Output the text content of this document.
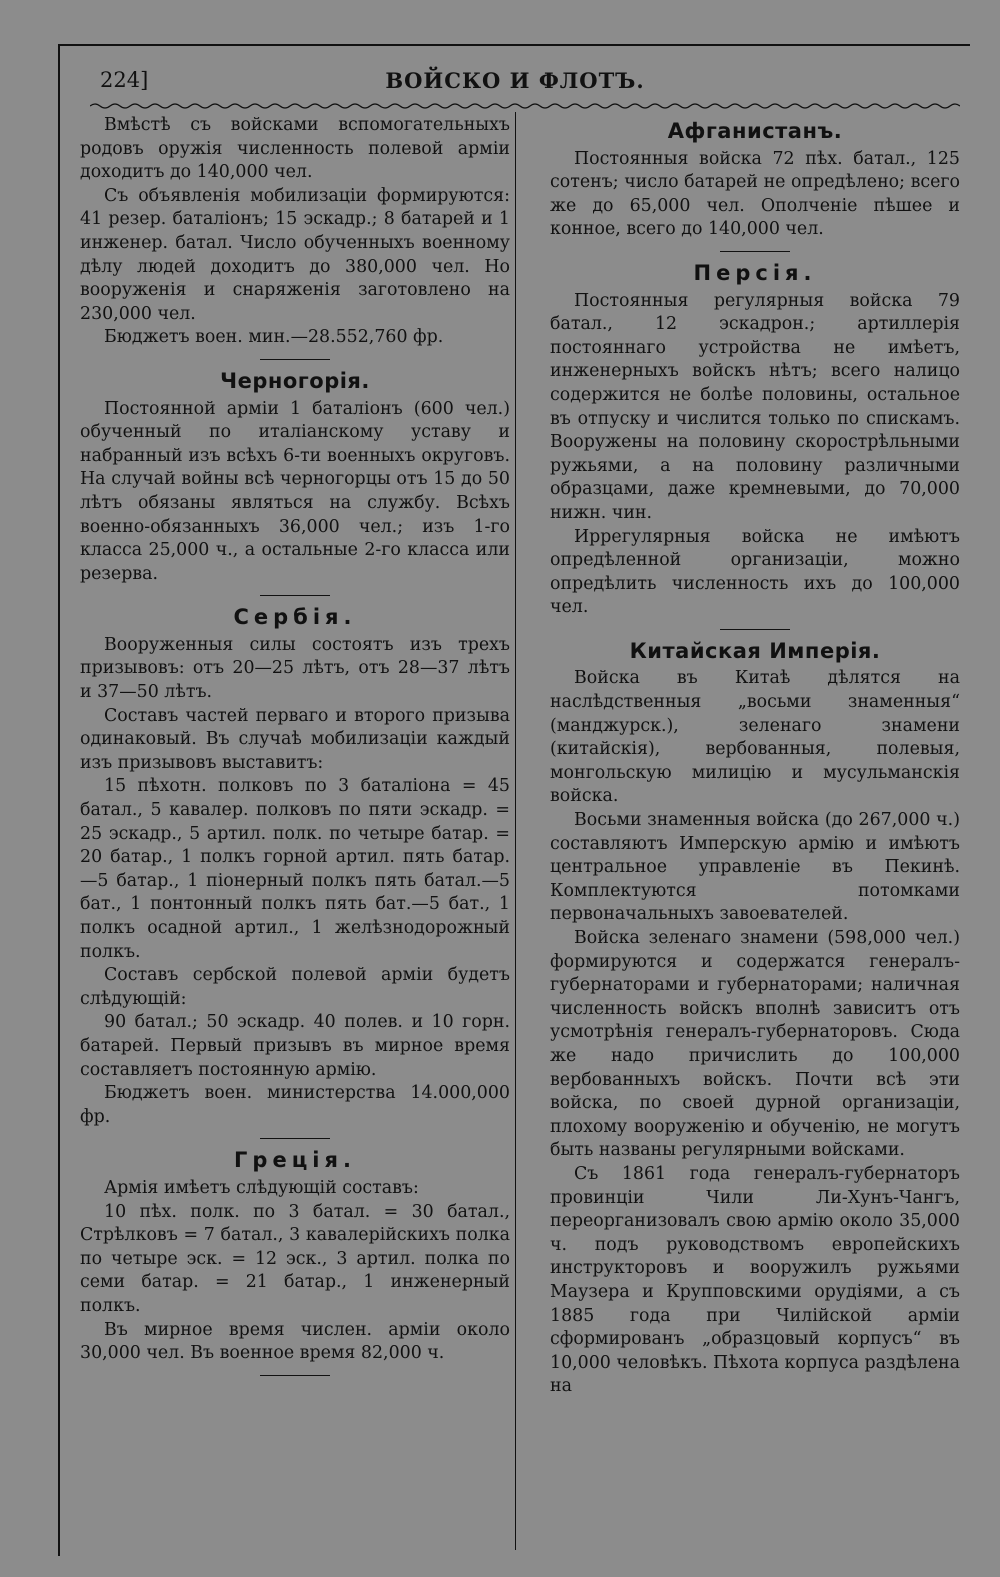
224]	ВОЙСКО И ФЛОТЪ.

Вмѣстѣ съ войсками вспомогательныхъ родовъ оружія численность полевой арміи доходитъ до 140,000 чел.

Съ объявленія мобилизаціи формируются: 41 резер. баталіонъ; 15 эскадр.; 8 батарей и 1 инженер. батал. Число обученныхъ военному дѣлу людей доходитъ до 380,000 чел. Но вооруженія и снаряженія заготовлено на 230,000 чел.

Бюджетъ воен. мин.—28.552,760 фр.

Черногорія.

Постоянной арміи 1 баталіонъ (600 чел.) обученный по италіанскому уставу и набранный изъ всѣхъ 6-ти военныхъ округовъ. На случай войны всѣ черногорцы отъ 15 до 50 лѣтъ обязаны являться на службу. Всѣхъ военно-обязанныхъ 36,000 чел.; изъ 1-го класса 25,000 ч., а остальные 2-го класса или резерва.

Сербія.

Вооруженныя силы состоятъ изъ трехъ призывовъ: отъ 20—25 лѣтъ, отъ 28—37 лѣтъ и 37—50 лѣтъ.

Составъ частей перваго и второго призыва одинаковый. Въ случаѣ мобилизаціи каждый изъ призывовъ выставитъ:

15 пѣхотн. полковъ по 3 баталіона = 45 батал., 5 кавалер. полковъ по пяти эскадр. = 25 эскадр., 5 артил. полк. по четыре батар. = 20 батар., 1 полкъ горной артил. пять батар.—5 батар., 1 піонерный полкъ пять батал.—5 бат., 1 понтонный полкъ пять бат.—5 бат., 1 полкъ осадной артил., 1 желѣзнодорожный полкъ.

Составъ сербской полевой арміи будетъ слѣдующій:

90 батал.; 50 эскадр. 40 полев. и 10 горн. батарей. Первый призывъ въ мирное время составляетъ постоянную армію.

Бюджетъ воен. министерства 14.000,000 фр.

Греція.

Армія имѣетъ слѣдующій составъ:

10 пѣх. полк. по 3 батал. = 30 батал., Стрѣлковъ = 7 батал., 3 кавалерійскихъ полка по четыре эск. = 12 эск., 3 артил. полка по семи батар. = 21 батар., 1 инженерный полкъ.

Въ мирное время числен. арміи около 30,000 чел. Въ военное время 82,000 ч.

Афганистанъ.

Постоянныя войска 72 пѣх. батал., 125 сотенъ; число батарей не опредѣлено; всего же до 65,000 чел. Ополченіе пѣшее и конное, всего до 140,000 чел.

Персія.

Постоянныя регулярныя войска 79 батал., 12 эскадрон.; артиллерія постояннаго устройства не имѣетъ, инженерныхъ войскъ нѣтъ; всего налицо содержится не болѣе половины, остальное въ отпуску и числится только по спискамъ. Вооружены на половину скорострѣльными ружьями, а на половину различными образцами, даже кремневыми, до 70,000 нижн. чин.

Иррегулярныя войска не имѣютъ опредѣленной организаціи, можно опредѣлить численность ихъ до 100,000 чел.

Китайская Имперія.

Войска въ Китаѣ дѣлятся на наслѣдственныя „восьми знаменныя“ (манджурск.), зеленаго знамени (китайскія), вербованныя, полевыя, монгольскую милицію и мусульманскія войска.

Восьми знаменныя войска (до 267,000 ч.) составляютъ Имперскую армію и имѣютъ центральное управленіе въ Пекинѣ. Комплектуются потомками первоначальныхъ завоевателей.

Войска зеленаго знамени (598,000 чел.) формируются и содержатся генералъ-губернаторами и губернаторами; наличная численность войскъ вполнѣ зависитъ отъ усмотрѣнія генералъ-губернаторовъ. Сюда же надо причислить до 100,000 вербованныхъ войскъ. Почти всѣ эти войска, по своей дурной организаціи, плохому вооруженію и обученію, не могутъ быть названы регулярными войсками.

Съ 1861 года генералъ-губернаторъ провинціи Чили Ли-Хунъ-Чангъ, переорганизовалъ свою армію около 35,000 ч. подъ руководствомъ европейскихъ инструкторовъ и вооружилъ ружьями Маузера и Крупповскими орудіями, а съ 1885 года при Чилійской арміи сформированъ „образцовый корпусъ“ въ 10,000 человѣкъ. Пѣхота корпуса раздѣлена на
